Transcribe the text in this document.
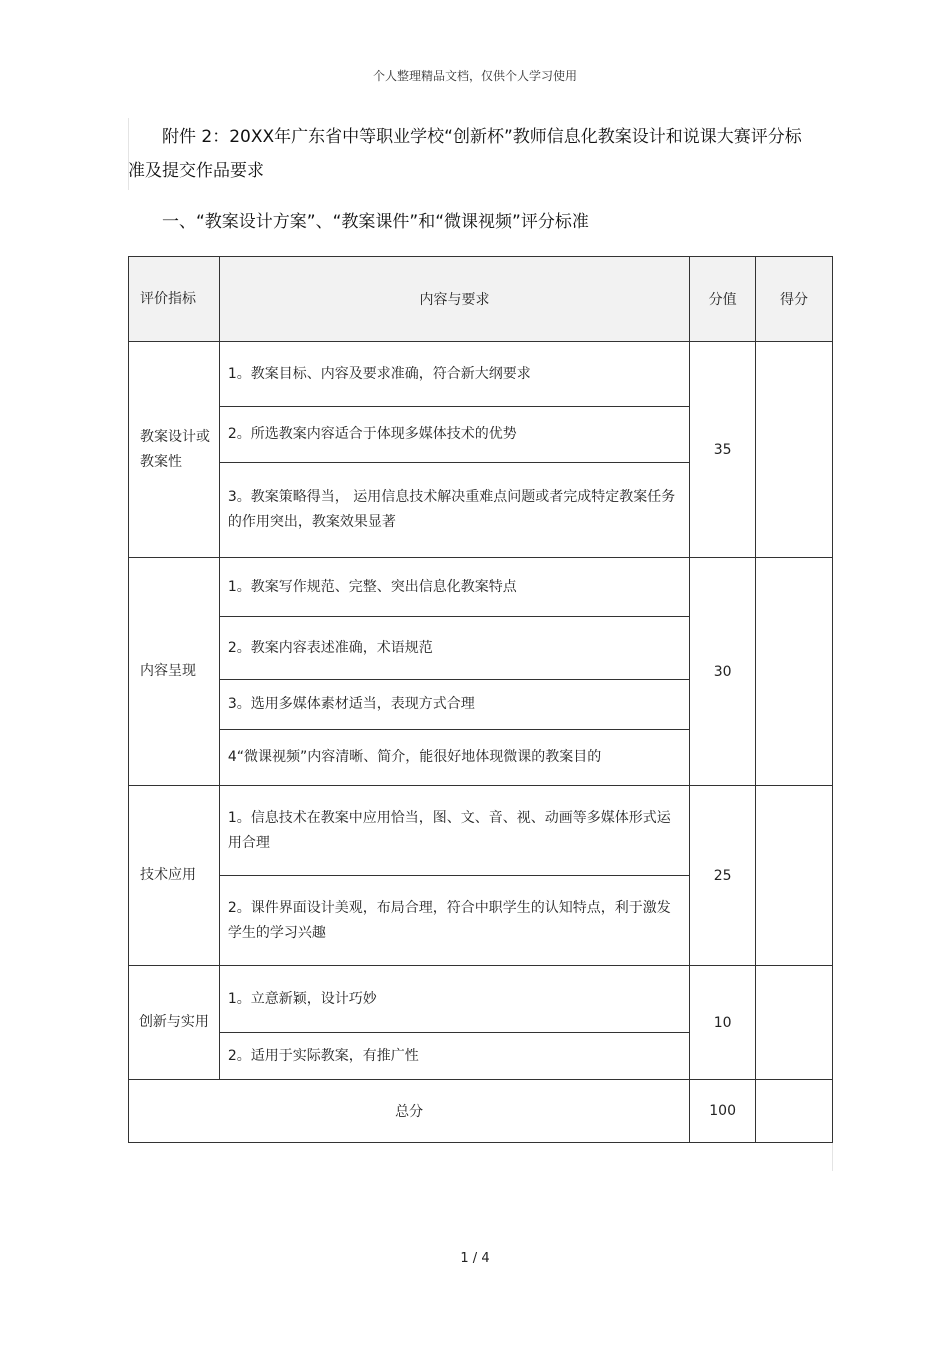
个人整理精品文档，仅供个人学习使用
附件 2：20XX年广东省中等职业学校“创新杯”教师信息化教案设计和说课大赛评分标准及提交作品要求
一、“教案设计方案”、“教案课件”和“微课视频”评分标准
评价指标	内容与要求	分值	得分
教案设计或教案性	1。教案目标、内容及要求准确，符合新大纲要求	35	
	2。所选教案内容适合于体现多媒体技术的优势		
	3。教案策略得当， 运用信息技术解决重难点问题或者完成特定教案任务的作用突出，教案效果显著		
内容呈现	1。教案写作规范、完整、突出信息化教案特点	30	
	2。教案内容表述准确，术语规范		
	3。选用多媒体素材适当，表现方式合理		
	4“微课视频”内容清晰、简介，能很好地体现微课的教案目的		
技术应用	1。信息技术在教案中应用恰当，图、文、音、视、动画等多媒体形式运用合理	25	
	2。课件界面设计美观，布局合理，符合中职学生的认知特点，利于激发学生的学习兴趣		
创新与实用	1。立意新颖，设计巧妙	10	
	2。适用于实际教案，有推广性		
总分		100	
1 / 4
